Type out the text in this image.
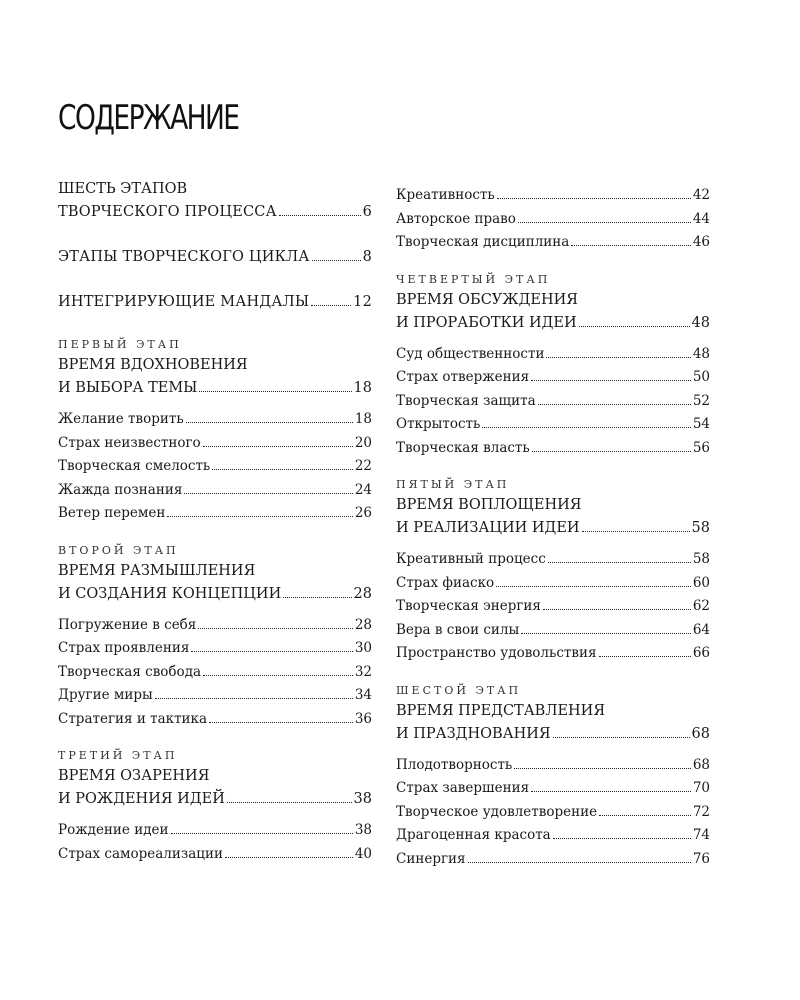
СОДЕРЖАНИЕ
ШЕСТЬ ЭТАПОВ
ТВОРЧЕСКОГО ПРОЦЕССА	6
ЭТАПЫ ТВОРЧЕСКОГО ЦИКЛА	8
ИНТЕГРИРУЮЩИЕ МАНДАЛЫ	12
ПЕРВЫЙ ЭТАП
ВРЕМЯ ВДОХНОВЕНИЯ
И ВЫБОРА ТЕМЫ	18
Желание творить	18
Страх неизвестного	20
Творческая смелость	22
Жажда познания	24
Ветер перемен	26
ВТОРОЙ ЭТАП
ВРЕМЯ РАЗМЫШЛЕНИЯ
И СОЗДАНИЯ КОНЦЕПЦИИ	28
Погружение в себя	28
Страх проявления	30
Творческая свобода	32
Другие миры	34
Стратегия и тактика	36
ТРЕТИЙ ЭТАП
ВРЕМЯ ОЗАРЕНИЯ
И РОЖДЕНИЯ ИДЕЙ	38
Рождение идеи	38
Страх самореализации	40
Креативность	42
Авторское право	44
Творческая дисциплина	46
ЧЕТВЕРТЫЙ ЭТАП
ВРЕМЯ ОБСУЖДЕНИЯ
И ПРОРАБОТКИ ИДЕИ	48
Суд общественности	48
Страх отвержения	50
Творческая защита	52
Открытость	54
Творческая власть	56
ПЯТЫЙ ЭТАП
ВРЕМЯ ВОПЛОЩЕНИЯ
И РЕАЛИЗАЦИИ ИДЕИ	58
Креативный процесс	58
Страх фиаско	60
Творческая энергия	62
Вера в свои силы	64
Пространство удовольствия	66
ШЕСТОЙ ЭТАП
ВРЕМЯ ПРЕДСТАВЛЕНИЯ
И ПРАЗДНОВАНИЯ	68
Плодотворность	68
Страх завершения	70
Творческое удовлетворение	72
Драгоценная красота	74
Синергия	76
